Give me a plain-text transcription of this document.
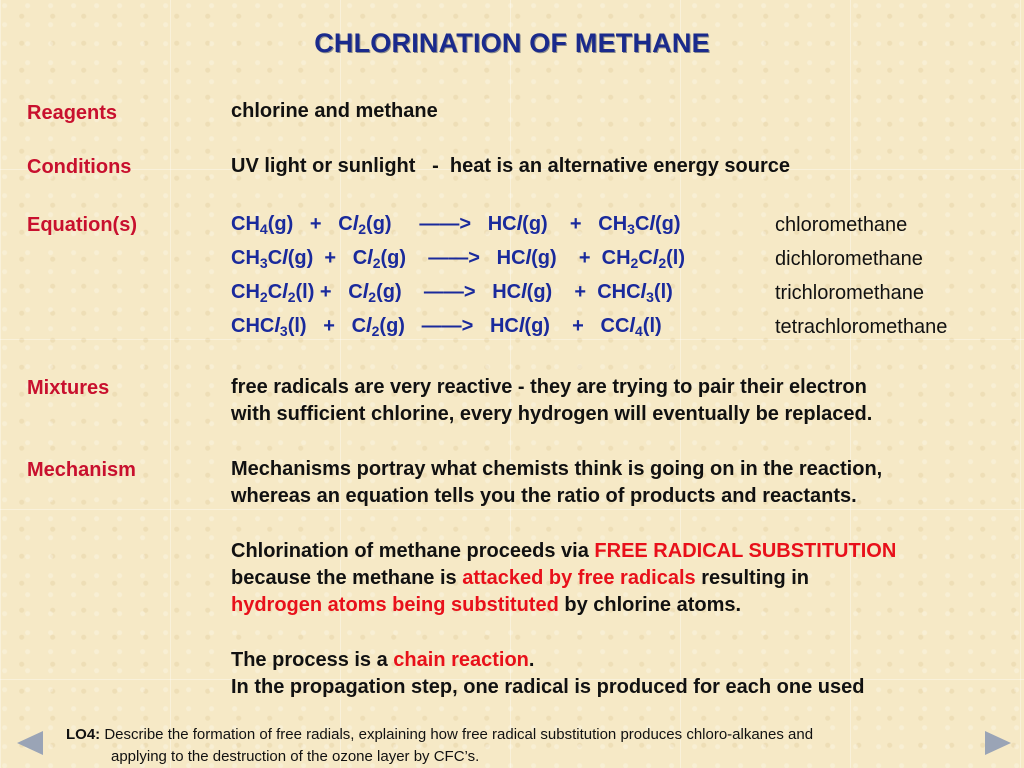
CHLORINATION OF METHANE
Reagents	chlorine and methane
Conditions	UV light or sunlight   -  heat is an alternative energy source
Equation(s)	$CH_4(g) + Cl_2(g)$     ——>   HCl(g)    +   $CH_3Cl(g)$	chloromethane
$CH_3Cl(g) + Cl_2(g)$    ——>   HCl(g)    +  $CH_2Cl_2(l)$	dichloromethane
$CH_2Cl_2(l) + Cl_2(g)$    ——>   HCl(g)    +  CHCl$_3$(l)	trichloromethane
CHCl$_3$(l)   +   $Cl_2(g)$   ——>   HCl(g)    +   CCl$_4$(l)	tetrachloromethane
Mixtures	free radicals are very reactive - they are trying to pair their electron
with sufficient chlorine, every hydrogen will eventually be replaced.
Mechanism	Mechanisms portray what chemists think is going on in the reaction,
whereas an equation tells you the ratio of products and reactants.
Chlorination of methane proceeds via FREE RADICAL SUBSTITUTION
because the methane is attacked by free radicals resulting in
hydrogen atoms being substituted by chlorine atoms.
The process is a chain reaction.
In the propagation step, one radical is produced for each one used
LO4: Describe the formation of free radials, explaining how free radical substitution produces chloro-alkanes and
applying to the destruction of the ozone layer by CFC’s.
